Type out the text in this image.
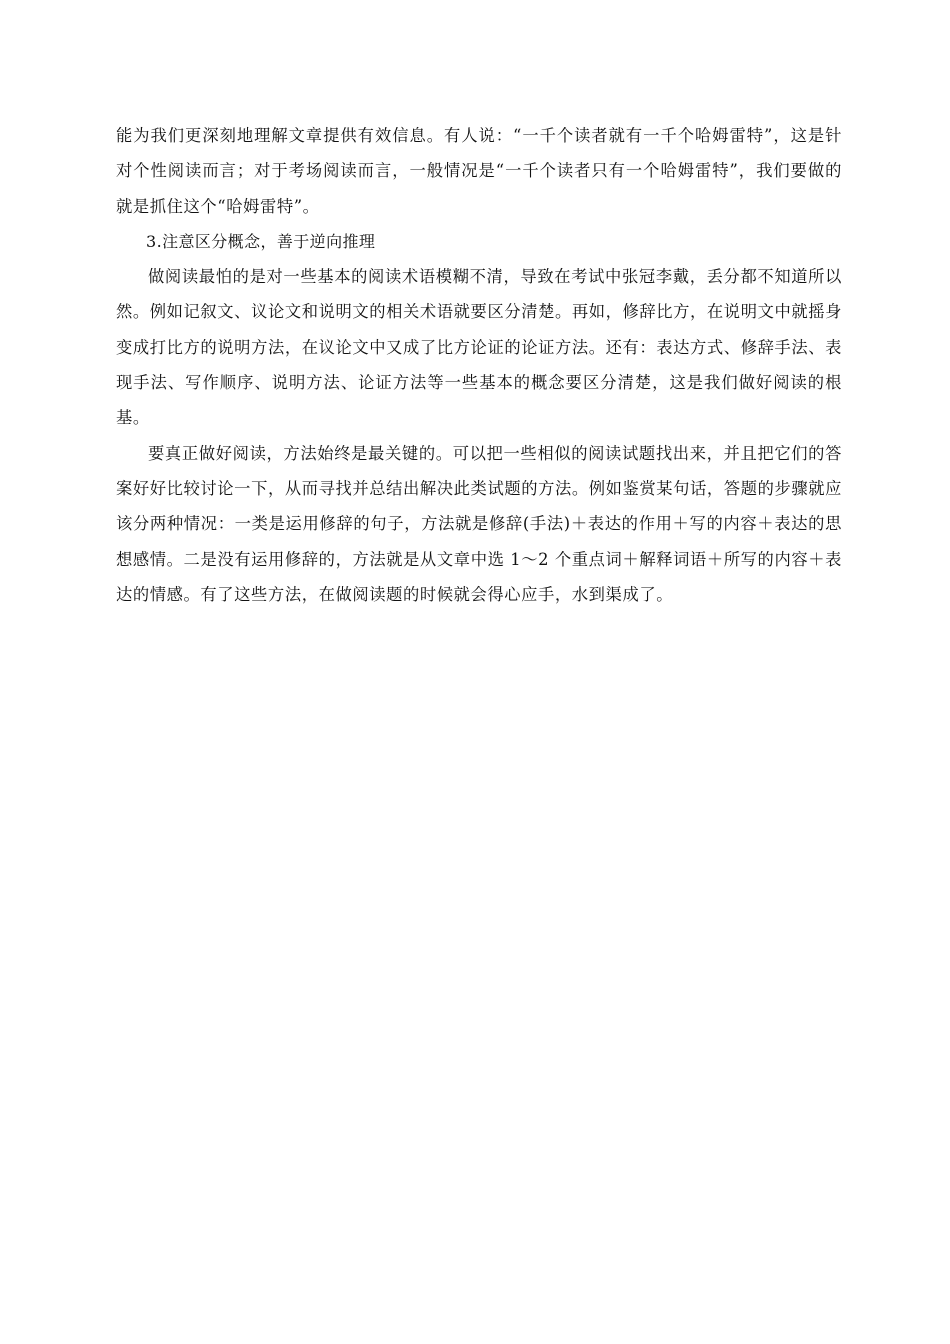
能为我们更深刻地理解文章提供有效信息。有人说：“一千个读者就有一千个哈姆雷特”，这是针对个性阅读而言；对于考场阅读而言，一般情况是“一千个读者只有一个哈姆雷特”，我们要做的就是抓住这个“哈姆雷特”。

3.注意区分概念，善于逆向推理

做阅读最怕的是对一些基本的阅读术语模糊不清，导致在考试中张冠李戴，丢分都不知道所以然。例如记叙文、议论文和说明文的相关术语就要区分清楚。再如，修辞比方，在说明文中就摇身变成打比方的说明方法，在议论文中又成了比方论证的论证方法。还有：表达方式、修辞手法、表现手法、写作顺序、说明方法、论证方法等一些基本的概念要区分清楚，这是我们做好阅读的根基。

要真正做好阅读，方法始终是最关键的。可以把一些相似的阅读试题找出来，并且把它们的答案好好比较讨论一下，从而寻找并总结出解决此类试题的方法。例如鉴赏某句话，答题的步骤就应该分两种情况：一类是运用修辞的句子，方法就是修辞(手法)＋表达的作用＋写的内容＋表达的思想感情。二是没有运用修辞的，方法就是从文章中选 1～2 个重点词＋解释词语＋所写的内容＋表达的情感。有了这些方法，在做阅读题的时候就会得心应手，水到渠成了。
